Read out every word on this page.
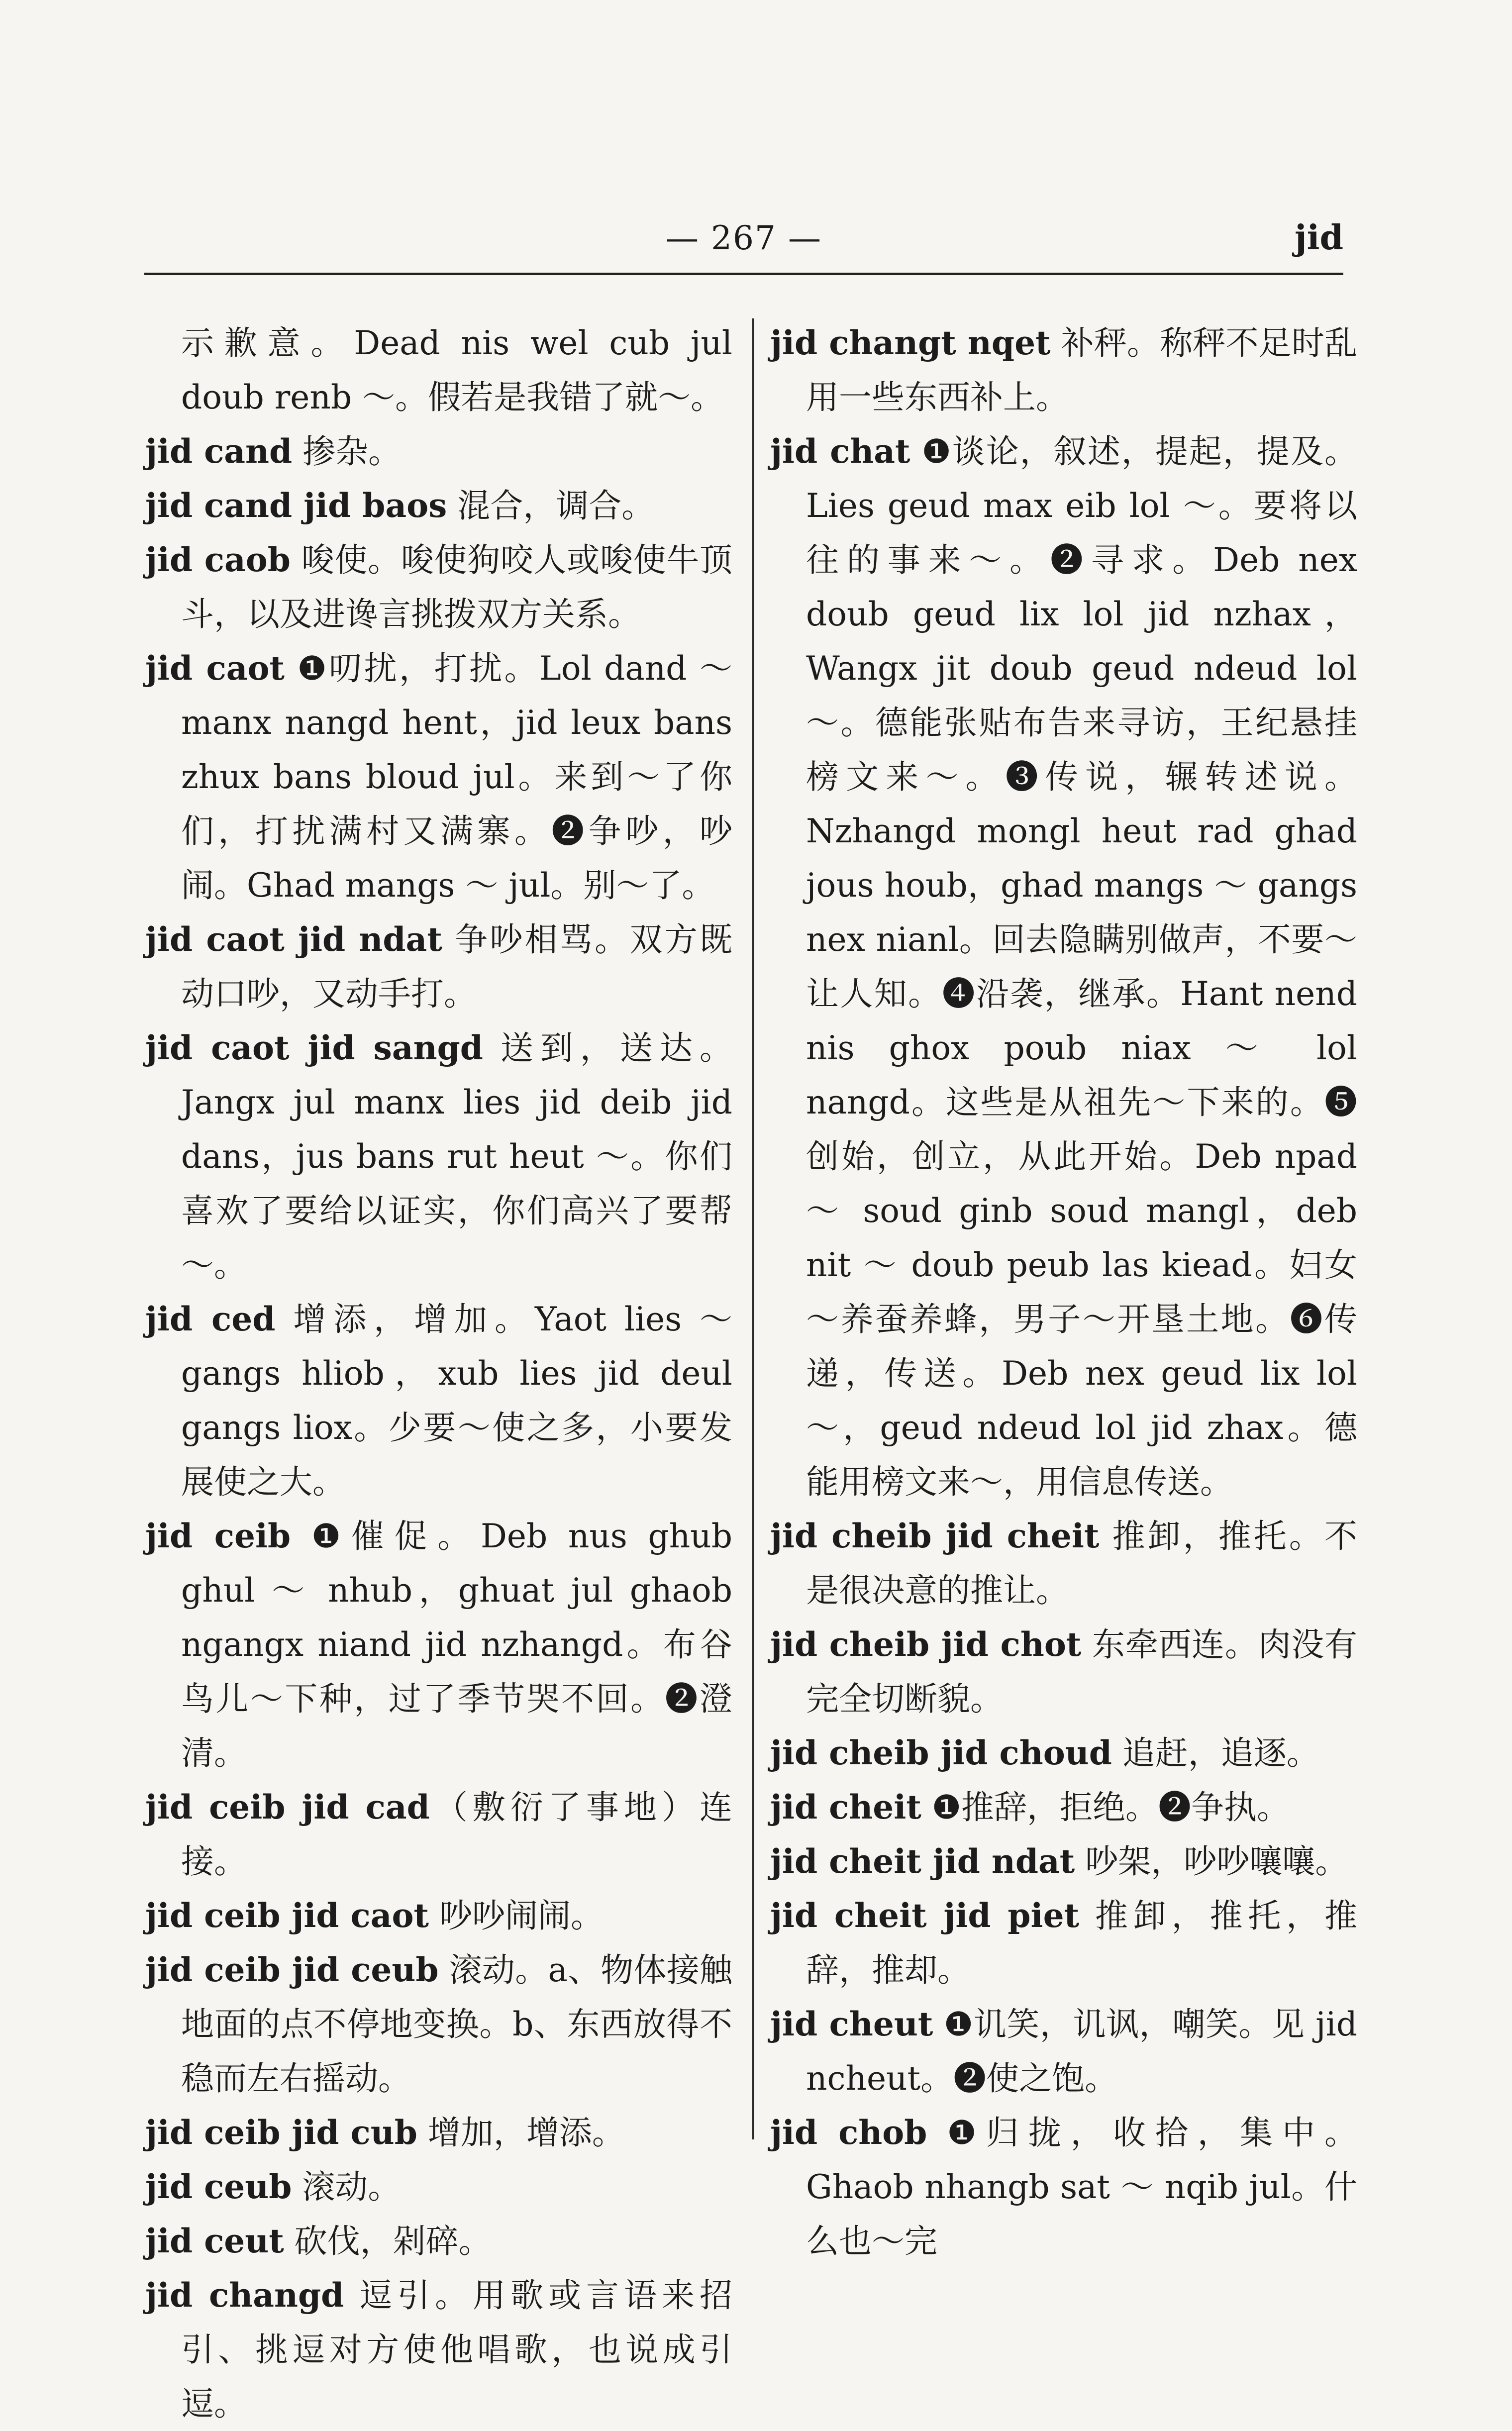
— 267 —	jid

示歉意。Dead nis wel cub jul doub renb ～。假若是我错了就～。

jid cand 掺杂。

jid cand jid baos 混合，调合。

jid caob 唆使。唆使狗咬人或唆使牛顶斗，以及进谗言挑拨双方关系。

jid caot ❶叨扰，打扰。Lol dand ～ manx nangd hent，jid leux bans zhux bans bloud jul。来到～了你们，打扰满村又满寨。❷争吵，吵闹。Ghad mangs ～ jul。别～了。

jid caot jid ndat 争吵相骂。双方既动口吵，又动手打。

jid caot jid sangd 送到，送达。Jangx jul manx lies jid deib jid dans，jus bans rut heut ～。你们喜欢了要给以证实，你们高兴了要帮～。

jid ced 增添，增加。Yaot lies ～ gangs hliob，xub lies jid deul gangs liox。少要～使之多，小要发展使之大。

jid ceib ❶催促。Deb nus ghub ghul ～ nhub，ghuat jul ghaob ngangx niand jid nzhangd。布谷鸟儿～下种，过了季节哭不回。❷澄清。

jid ceib jid cad（敷衍了事地）连接。

jid ceib jid caot 吵吵闹闹。

jid ceib jid ceub 滚动。a、物体接触地面的点不停地变换。b、东西放得不稳而左右摇动。

jid ceib jid cub 增加，增添。

jid ceub 滚动。

jid ceut 砍伐，剁碎。

jid changd 逗引。用歌或言语来招引、挑逗对方使他唱歌，也说成引逗。

jid changt nqet 补秤。称秤不足时乱用一些东西补上。

jid chat ❶谈论，叙述，提起，提及。Lies geud max eib lol ～。要将以往的事来～。❷寻求。Deb nex doub geud lix lol jid nzhax，Wangx jit doub geud ndeud lol ～。德能张贴布告来寻访，王纪悬挂榜文来～。❸传说，辗转述说。Nzhangd mongl heut rad ghad jous houb，ghad mangs ～ gangs nex nianl。回去隐瞒别做声，不要～让人知。❹沿袭，继承。Hant nend nis ghox poub niax ～ lol nangd。这些是从祖先～下来的。❺创始，创立，从此开始。Deb npad ～ soud ginb soud mangl，deb nit ～ doub peub las kiead。妇女～养蚕养蜂，男子～开垦土地。❻传递，传送。Deb nex geud lix lol ～，geud ndeud lol jid zhax。德能用榜文来～，用信息传送。

jid cheib jid cheit 推卸，推托。不是很决意的推让。

jid cheib jid chot 东牵西连。肉没有完全切断貌。

jid cheib jid choud 追赶，追逐。

jid cheit ❶推辞，拒绝。❷争执。

jid cheit jid ndat 吵架，吵吵嚷嚷。

jid cheit jid piet 推卸，推托，推辞，推却。

jid cheut ❶讥笑，讥讽，嘲笑。见 jid ncheut。❷使之饱。

jid chob ❶归拢，收拾，集中。Ghaob nhangb sat ～ nqib jul。什么也～完
